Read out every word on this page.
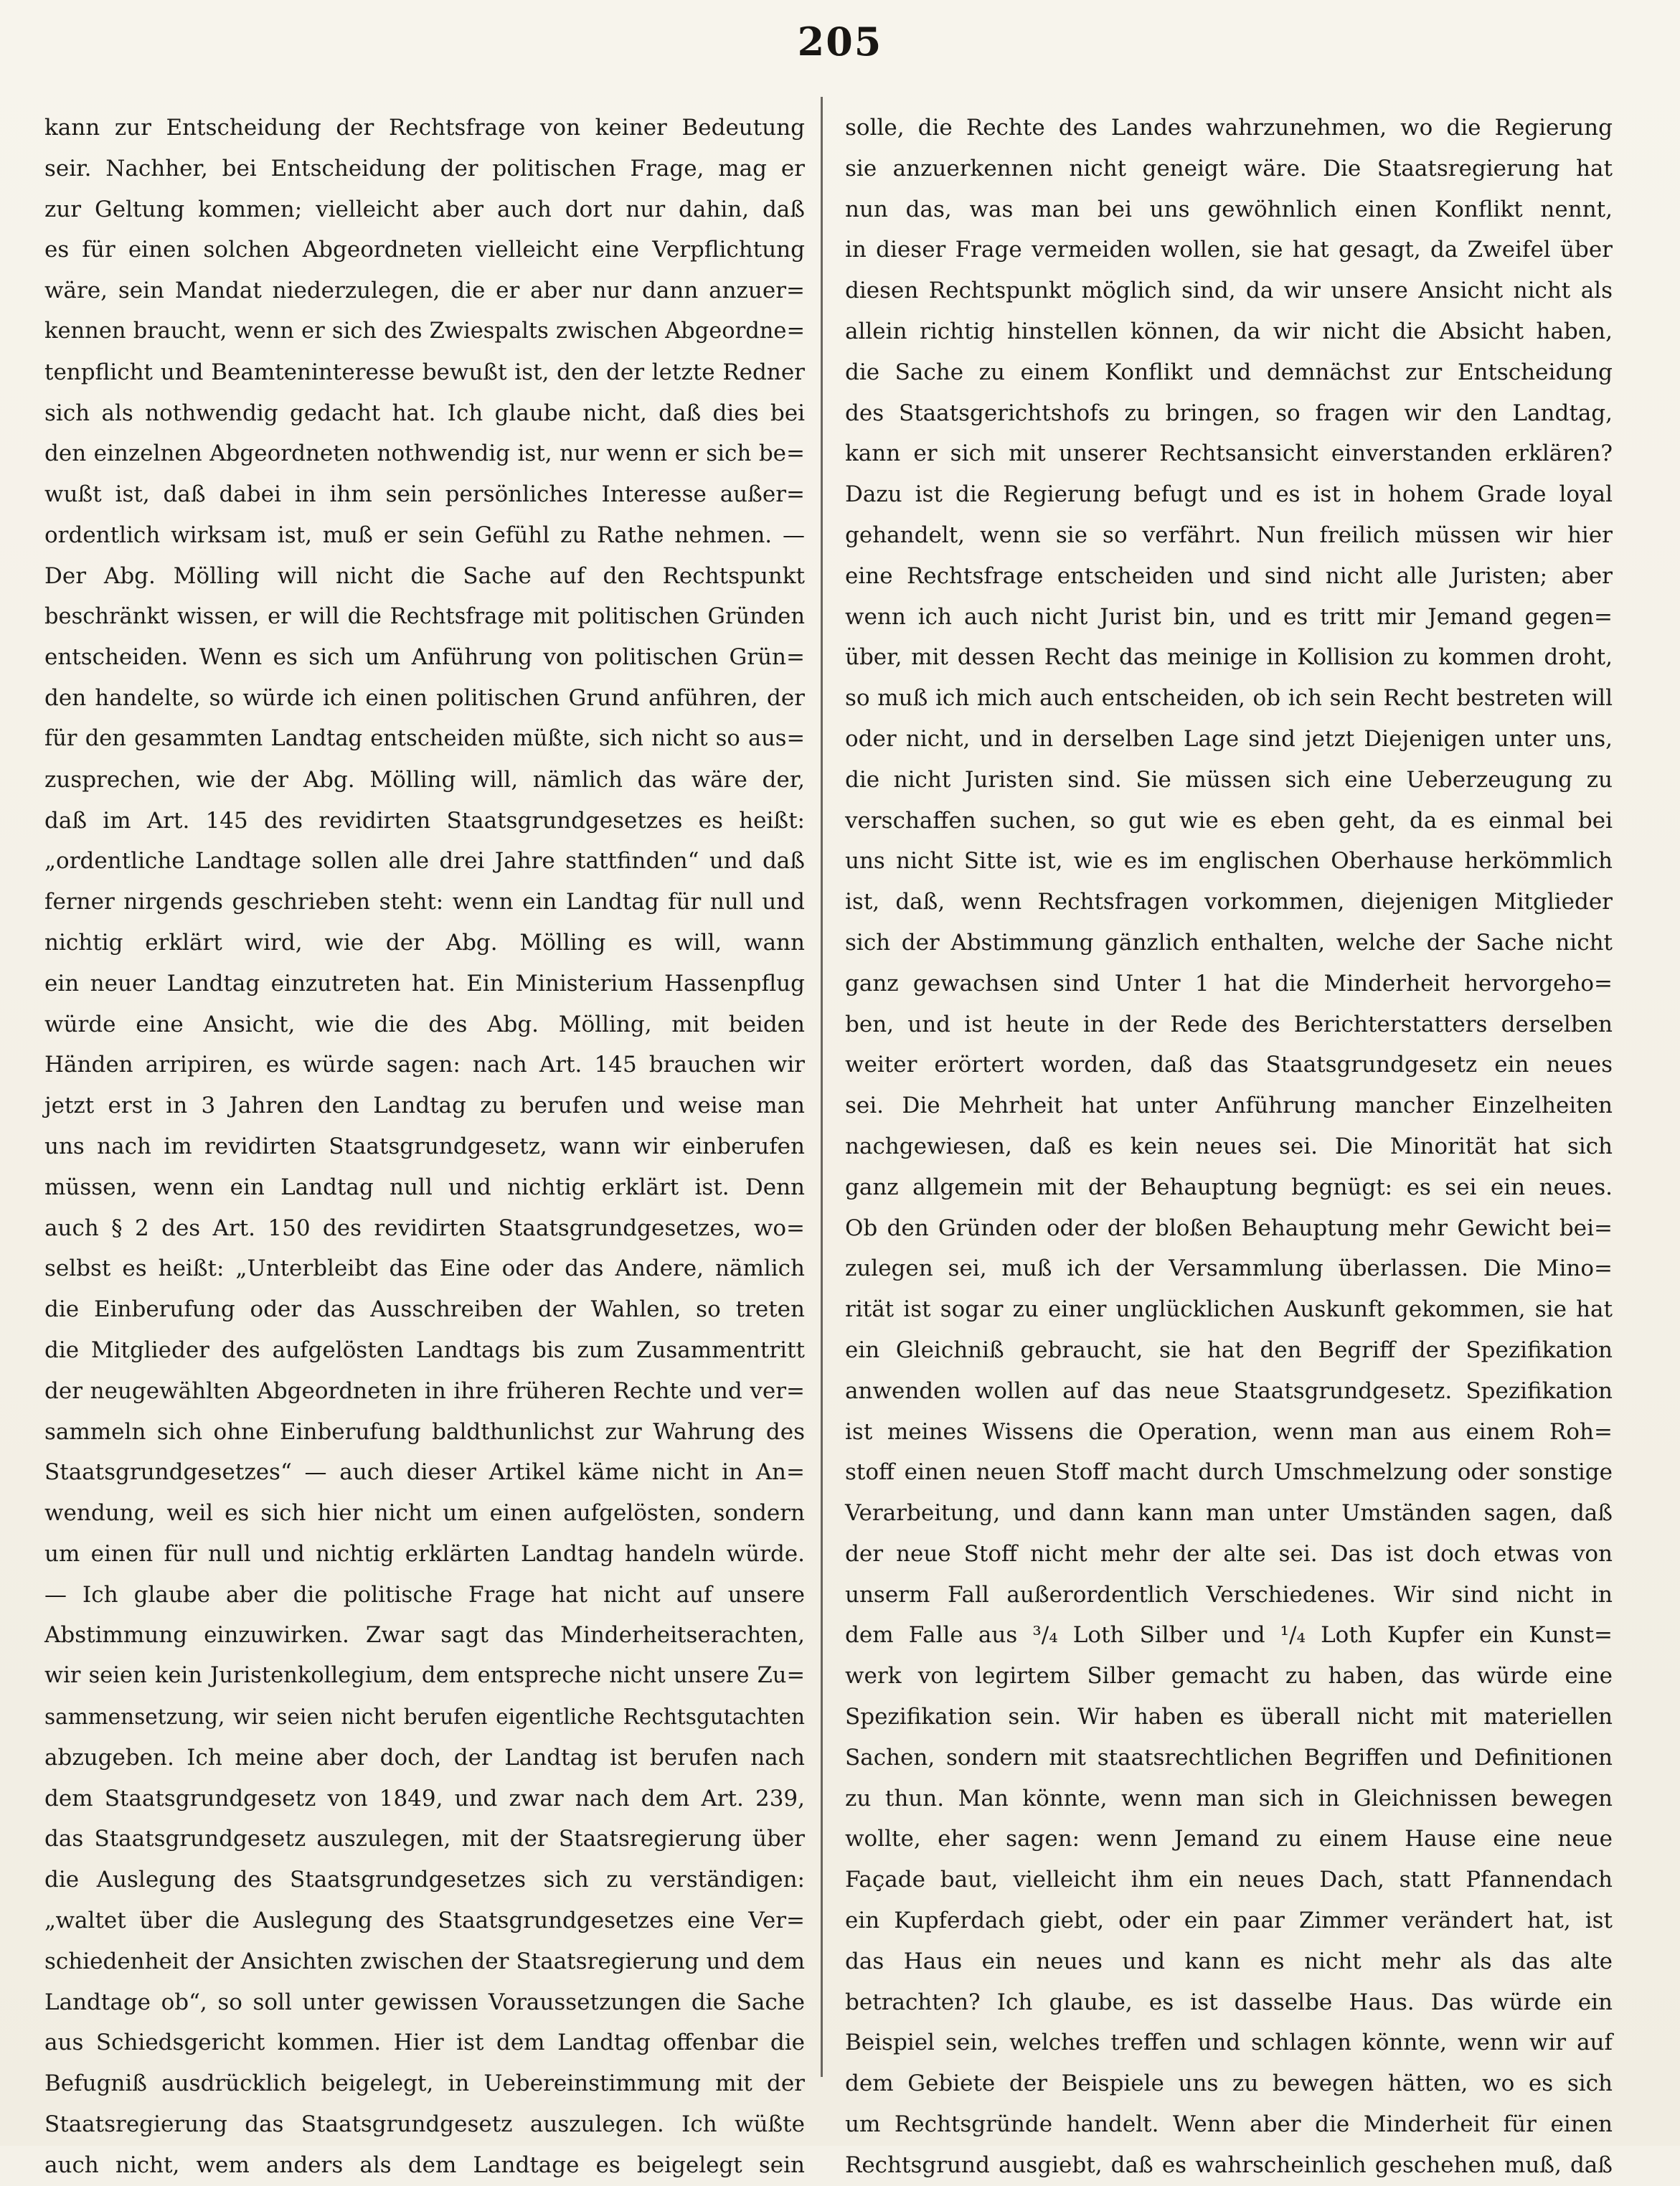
205
kann zur Entscheidung der Rechtsfrage von keiner Bedeutung
seir. Nachher, bei Entscheidung der politischen Frage, mag er
zur Geltung kommen; vielleicht aber auch dort nur dahin, daß
es für einen solchen Abgeordneten vielleicht eine Verpflichtung
wäre, sein Mandat niederzulegen, die er aber nur dann anzuer=
kennen braucht, wenn er sich des Zwiespalts zwischen Abgeordne=
tenpflicht und Beamteninteresse bewußt ist, den der letzte Redner
sich als nothwendig gedacht hat. Ich glaube nicht, daß dies bei
den einzelnen Abgeordneten nothwendig ist, nur wenn er sich be=
wußt ist, daß dabei in ihm sein persönliches Interesse außer=
ordentlich wirksam ist, muß er sein Gefühl zu Rathe nehmen. —
Der Abg. Mölling will nicht die Sache auf den Rechtspunkt
beschränkt wissen, er will die Rechtsfrage mit politischen Gründen
entscheiden. Wenn es sich um Anführung von politischen Grün=
den handelte, so würde ich einen politischen Grund anführen, der
für den gesammten Landtag entscheiden müßte, sich nicht so aus=
zusprechen, wie der Abg. Mölling will, nämlich das wäre der,
daß im Art. 145 des revidirten Staatsgrundgesetzes es heißt:
„ordentliche Landtage sollen alle drei Jahre stattfinden“ und daß
ferner nirgends geschrieben steht: wenn ein Landtag für null und
nichtig erklärt wird, wie der Abg. Mölling es will, wann
ein neuer Landtag einzutreten hat. Ein Ministerium Hassenpflug
würde eine Ansicht, wie die des Abg. Mölling, mit beiden
Händen arripiren, es würde sagen: nach Art. 145 brauchen wir
jetzt erst in 3 Jahren den Landtag zu berufen und weise man
uns nach im revidirten Staatsgrundgesetz, wann wir einberufen
müssen, wenn ein Landtag null und nichtig erklärt ist. Denn
auch § 2 des Art. 150 des revidirten Staatsgrundgesetzes, wo=
selbst es heißt: „Unterbleibt das Eine oder das Andere, nämlich
die Einberufung oder das Ausschreiben der Wahlen, so treten
die Mitglieder des aufgelösten Landtags bis zum Zusammentritt
der neugewählten Abgeordneten in ihre früheren Rechte und ver=
sammeln sich ohne Einberufung baldthunlichst zur Wahrung des
Staatsgrundgesetzes“ — auch dieser Artikel käme nicht in An=
wendung, weil es sich hier nicht um einen aufgelösten, sondern
um einen für null und nichtig erklärten Landtag handeln würde.
— Ich glaube aber die politische Frage hat nicht auf unsere
Abstimmung einzuwirken. Zwar sagt das Minderheitserachten,
wir seien kein Juristenkollegium, dem entspreche nicht unsere Zu=
sammensetzung, wir seien nicht berufen eigentliche Rechtsgutachten
abzugeben. Ich meine aber doch, der Landtag ist berufen nach
dem Staatsgrundgesetz von 1849, und zwar nach dem Art. 239,
das Staatsgrundgesetz auszulegen, mit der Staatsregierung über
die Auslegung des Staatsgrundgesetzes sich zu verständigen:
„waltet über die Auslegung des Staatsgrundgesetzes eine Ver=
schiedenheit der Ansichten zwischen der Staatsregierung und dem
Landtage ob“, so soll unter gewissen Voraussetzungen die Sache
aus Schiedsgericht kommen. Hier ist dem Landtag offenbar die
Befugniß ausdrücklich beigelegt, in Uebereinstimmung mit der
Staatsregierung das Staatsgrundgesetz auszulegen. Ich wüßte
auch nicht, wem anders als dem Landtage es beigelegt sein
solle, die Rechte des Landes wahrzunehmen, wo die Regierung
sie anzuerkennen nicht geneigt wäre. Die Staatsregierung hat
nun das, was man bei uns gewöhnlich einen Konflikt nennt,
in dieser Frage vermeiden wollen, sie hat gesagt, da Zweifel über
diesen Rechtspunkt möglich sind, da wir unsere Ansicht nicht als
allein richtig hinstellen können, da wir nicht die Absicht haben,
die Sache zu einem Konflikt und demnächst zur Entscheidung
des Staatsgerichtshofs zu bringen, so fragen wir den Landtag,
kann er sich mit unserer Rechtsansicht einverstanden erklären?
Dazu ist die Regierung befugt und es ist in hohem Grade loyal
gehandelt, wenn sie so verfährt. Nun freilich müssen wir hier
eine Rechtsfrage entscheiden und sind nicht alle Juristen; aber
wenn ich auch nicht Jurist bin, und es tritt mir Jemand gegen=
über, mit dessen Recht das meinige in Kollision zu kommen droht,
so muß ich mich auch entscheiden, ob ich sein Recht bestreten will
oder nicht, und in derselben Lage sind jetzt Diejenigen unter uns,
die nicht Juristen sind. Sie müssen sich eine Ueberzeugung zu
verschaffen suchen, so gut wie es eben geht, da es einmal bei
uns nicht Sitte ist, wie es im englischen Oberhause herkömmlich
ist, daß, wenn Rechtsfragen vorkommen, diejenigen Mitglieder
sich der Abstimmung gänzlich enthalten, welche der Sache nicht
ganz gewachsen sind Unter 1 hat die Minderheit hervorgeho=
ben, und ist heute in der Rede des Berichterstatters derselben
weiter erörtert worden, daß das Staatsgrundgesetz ein neues
sei. Die Mehrheit hat unter Anführung mancher Einzelheiten
nachgewiesen, daß es kein neues sei. Die Minorität hat sich
ganz allgemein mit der Behauptung begnügt: es sei ein neues.
Ob den Gründen oder der bloßen Behauptung mehr Gewicht bei=
zulegen sei, muß ich der Versammlung überlassen. Die Mino=
rität ist sogar zu einer unglücklichen Auskunft gekommen, sie hat
ein Gleichniß gebraucht, sie hat den Begriff der Spezifikation
anwenden wollen auf das neue Staatsgrundgesetz. Spezifikation
ist meines Wissens die Operation, wenn man aus einem Roh=
stoff einen neuen Stoff macht durch Umschmelzung oder sonstige
Verarbeitung, und dann kann man unter Umständen sagen, daß
der neue Stoff nicht mehr der alte sei. Das ist doch etwas von
unserm Fall außerordentlich Verschiedenes. Wir sind nicht in
dem Falle aus ³/₄ Loth Silber und ¹/₄ Loth Kupfer ein Kunst=
werk von legirtem Silber gemacht zu haben, das würde eine
Spezifikation sein. Wir haben es überall nicht mit materiellen
Sachen, sondern mit staatsrechtlichen Begriffen und Definitionen
zu thun. Man könnte, wenn man sich in Gleichnissen bewegen
wollte, eher sagen: wenn Jemand zu einem Hause eine neue
Façade baut, vielleicht ihm ein neues Dach, statt Pfannendach
ein Kupferdach giebt, oder ein paar Zimmer verändert hat, ist
das Haus ein neues und kann es nicht mehr als das alte
betrachten? Ich glaube, es ist dasselbe Haus. Das würde ein
Beispiel sein, welches treffen und schlagen könnte, wenn wir auf
dem Gebiete der Beispiele uns zu bewegen hätten, wo es sich
um Rechtsgründe handelt. Wenn aber die Minderheit für einen
Rechtsgrund ausgiebt, daß es wahrscheinlich geschehen muß, daß
